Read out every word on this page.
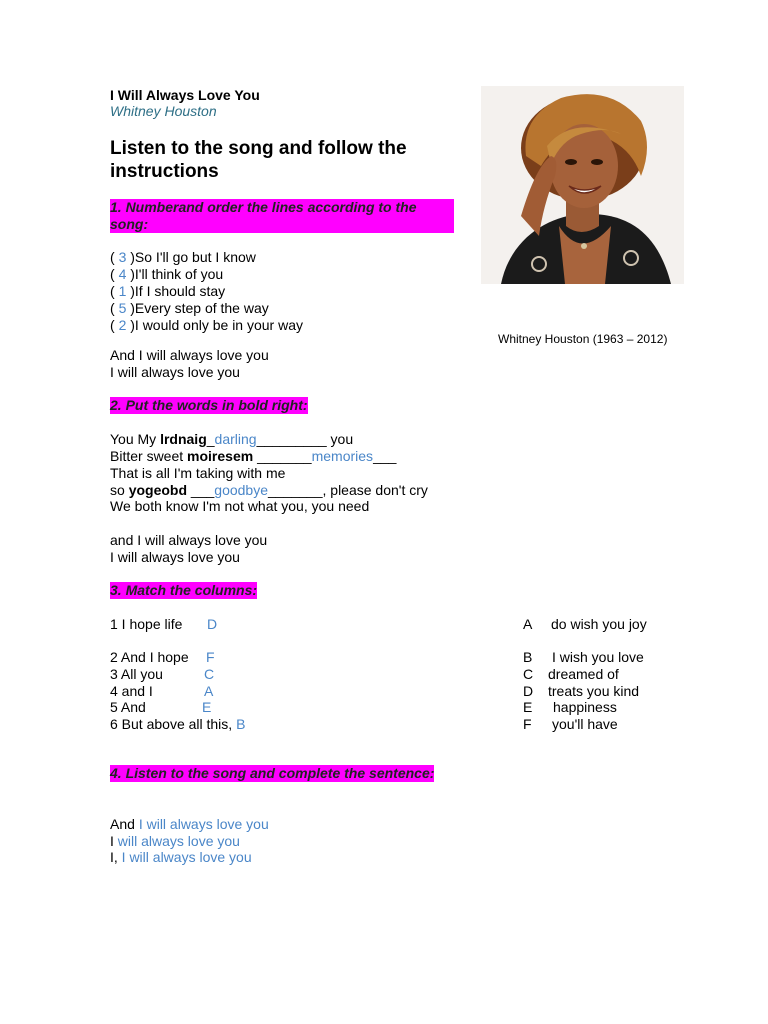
I Will Always Love You
Whitney Houston
Listen to the song and follow the instructions
Whitney Houston (1963 – 2012)
1. Numberand order the lines according to the song:
( 3 )So I'll go but I know
( 4 )I'll think of you
( 1 )If I should stay
( 5 )Every step of the way
( 2 )I would only be in your way
And I will always love you
I will always love you
2. Put the words in bold right:
You My lrdnaig_darling_________ you
Bitter sweet moiresem _______memories___
That is all I'm taking with me
so yogeobd ___goodbye_______, please don't cry
We both know I'm not what you, you need
and I will always love you
I will always love you
3. Match the columns:
1 I hope life D
2 And I hope F
3 All you	C
4 and I	A
5 And	E
6 But above all this, B
A do wish you joy
B I wish you love
C dreamed of
D treats you kind
E happiness
F you'll have
4. Listen to the song and complete the sentence:
And I will always love you
I will always love you
I, I will always love you
